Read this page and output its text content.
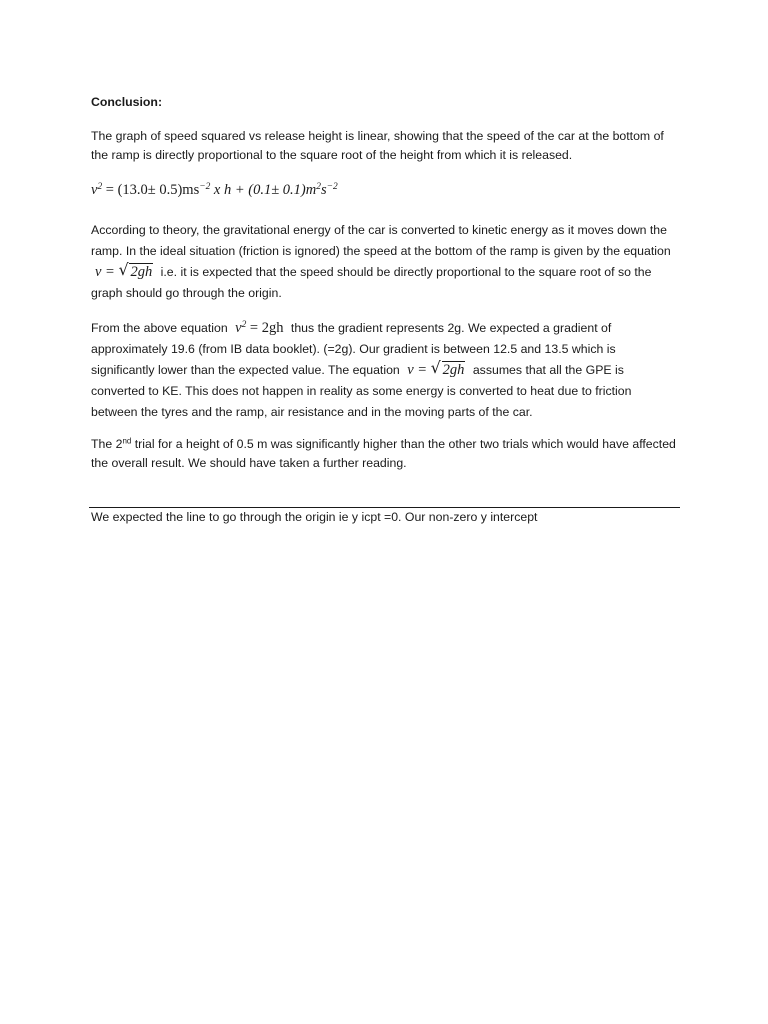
Conclusion:

The graph of speed squared vs release height is linear, showing that the speed of the car at the bottom of the ramp is directly proportional to the square root of the height from which it is released.

$v^2 = (13.0\pm 0.5)ms^{-2}$ x $h + (0.1\pm 0.1)m^2s^{-2}$

According to theory, the gravitational energy of the car is converted to kinetic energy as it moves down the ramp. In the ideal situation (friction is ignored) the speed at the bottom of the ramp is given by the equation v = √ 2gh i.e. it is expected that the speed should be directly proportional to the square root of so the graph should go through the origin.

From the above equation $v^2 = 2gh$ thus the gradient represents 2g. We expected a gradient of approximately 19.6 (from IB data booklet). (=2g). Our gradient is between 12.5 and 13.5 which is significantly lower than the expected value. The equation v = √ 2gh assumes that all the GPE is converted to KE. This does not happen in reality as some energy is converted to heat due to friction between the tyres and the ramp, air resistance and in the moving parts of the car.

The 2nd trial for a height of 0.5 m was significantly higher than the other two trials which would have affected the overall result. We should have taken a further reading.

We expected the line to go through the origin ie y icpt =0. Our non-zero y intercept
